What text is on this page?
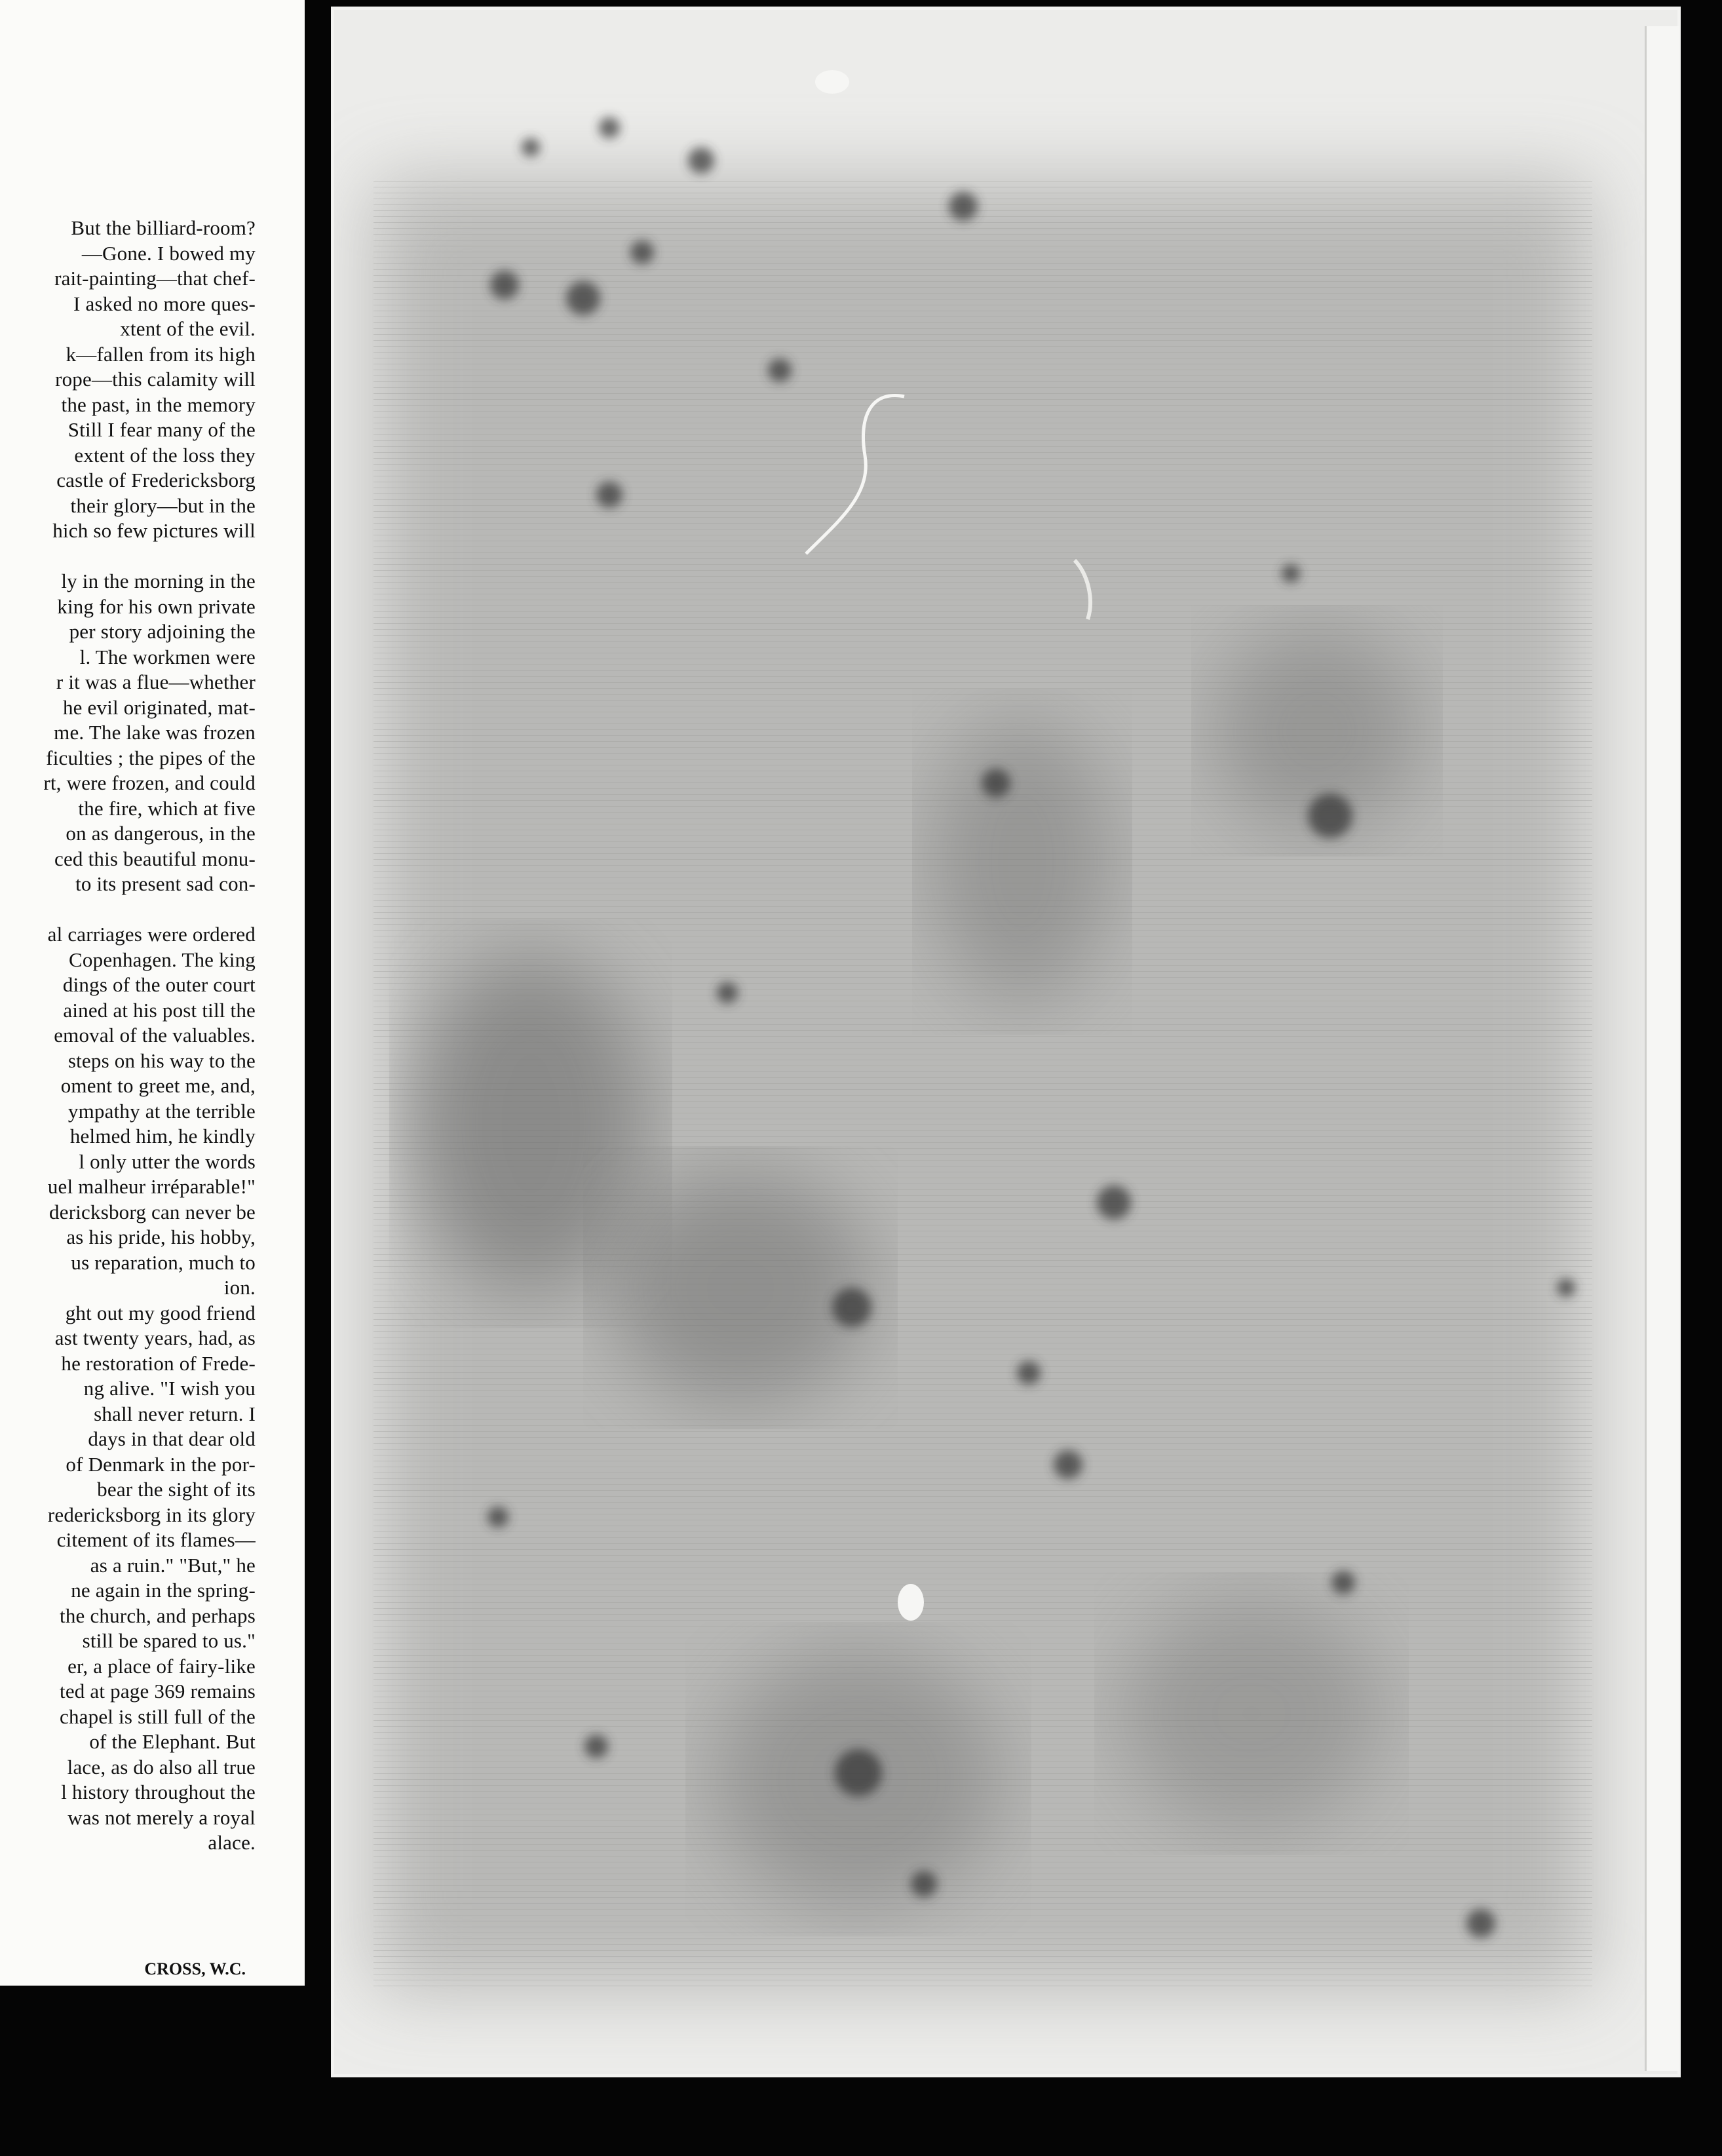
But the billiard-room?
—Gone. I bowed my
rait-painting—that chef-
I asked no more ques-
xtent of the evil.
k—fallen from its high
rope—this calamity will
the past, in the memory
Still I fear many of the
extent of the loss they
castle of Fredericksborg
their glory—but in the
hich so few pictures will
ly in the morning in the
king for his own private
per story adjoining the
l. The workmen were
r it was a flue—whether
he evil originated, mat-
me. The lake was frozen
ficulties ; the pipes of the
rt, were frozen, and could
the fire, which at five
on as dangerous, in the
ced this beautiful monu-
to its present sad con-
al carriages were ordered
Copenhagen. The king
dings of the outer court
ained at his post till the
emoval of the valuables.
steps on his way to the
oment to greet me, and,
ympathy at the terrible
helmed him, he kindly
l only utter the words
uel malheur irréparable!"
dericksborg can never be
as his pride, his hobby,
us reparation, much to
ion.
ght out my good friend
ast twenty years, had, as
he restoration of Frede-
ng alive. "I wish you
shall never return. I
days in that dear old
of Denmark in the por-
bear the sight of its
redericksborg in its glory
citement of its flames—
as a ruin." "But," he
ne again in the spring-
the church, and perhaps
still be spared to us."
er, a place of fairy-like
ted at page 369 remains
chapel is still full of the
of the Elephant. But
lace, as do also all true
l history throughout the
was not merely a royal
alace.
CROSS, W.C.
